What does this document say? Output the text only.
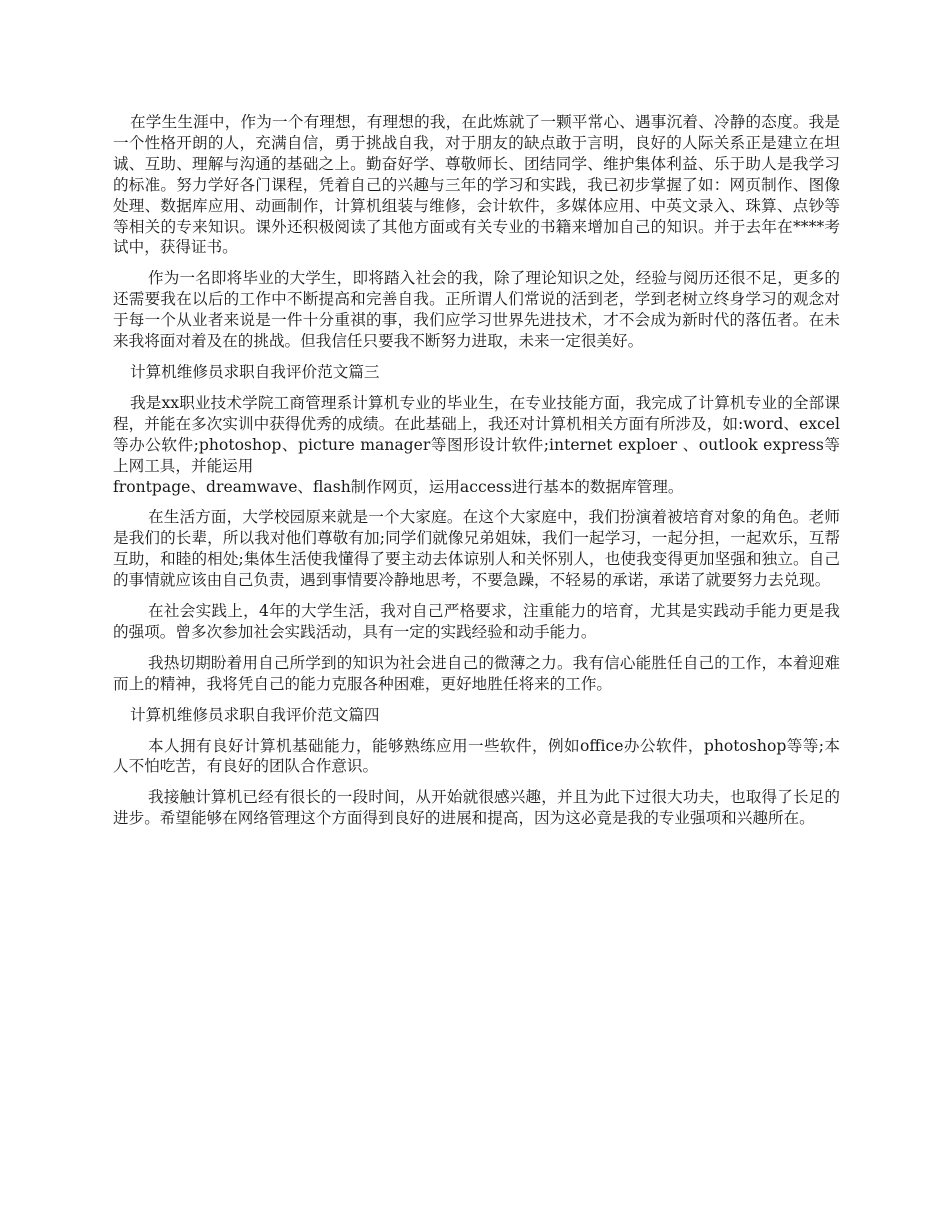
在学生生涯中，作为一个有理想，有理想的我，在此炼就了一颗平常心、遇事沉着、冷静的态度。我是一个性格开朗的人，充满自信，勇于挑战自我，对于朋友的缺点敢于言明，良好的人际关系正是建立在坦诚、互助、理解与沟通的基础之上。勤奋好学、尊敬师长、团结同学、维护集体利益、乐于助人是我学习的标准。努力学好各门课程，凭着自己的兴趣与三年的学习和实践，我已初步掌握了如：网页制作、图像处理、数据库应用、动画制作，计算机组装与维修，会计软件，多媒体应用、中英文录入、珠算、点钞等等相关的专来知识。课外还积极阅读了其他方面或有关专业的书籍来增加自己的知识。并于去年在****考试中，获得证书。

作为一名即将毕业的大学生，即将踏入社会的我，除了理论知识之处，经验与阅历还很不足，更多的还需要我在以后的工作中不断提高和完善自我。正所谓人们常说的活到老，学到老树立终身学习的观念对于每一个从业者来说是一件十分重祺的事，我们应学习世界先进技术，才不会成为新时代的落伍者。在未来我将面对着及在的挑战。但我信任只要我不断努力进取，未来一定很美好。

计算机维修员求职自我评价范文篇三

我是xx职业技术学院工商管理系计算机专业的毕业生，在专业技能方面，我完成了计算机专业的全部课程，并能在多次实训中获得优秀的成绩。在此基础上，我还对计算机相关方面有所涉及，如:word、excel等办公软件;photoshop、picture manager等图形设计软件;internet exploer 、outlook express等上网工具，并能运用
frontpage、dreamwave、flash制作网页，运用access进行基本的数据库管理。

在生活方面，大学校园原来就是一个大家庭。在这个大家庭中，我们扮演着被培育对象的角色。老师是我们的长辈，所以我对他们尊敬有加;同学们就像兄弟姐妹，我们一起学习，一起分担，一起欢乐，互帮互助，和睦的相处;集体生活使我懂得了要主动去体谅别人和关怀别人，也使我变得更加坚强和独立。自己的事情就应该由自己负责，遇到事情要冷静地思考，不要急躁，不轻易的承诺，承诺了就要努力去兑现。

在社会实践上，4年的大学生活，我对自己严格要求，注重能力的培育，尤其是实践动手能力更是我的强项。曾多次参加社会实践活动，具有一定的实践经验和动手能力。

我热切期盼着用自己所学到的知识为社会进自己的微薄之力。我有信心能胜任自己的工作，本着迎难而上的精神，我将凭自己的能力克服各种困难，更好地胜任将来的工作。

计算机维修员求职自我评价范文篇四

本人拥有良好计算机基础能力，能够熟练应用一些软件，例如office办公软件，photoshop等等;本人不怕吃苦，有良好的团队合作意识。

我接触计算机已经有很长的一段时间，从开始就很感兴趣，并且为此下过很大功夫，也取得了长足的进步。希望能够在网络管理这个方面得到良好的进展和提高，因为这必竟是我的专业强项和兴趣所在。
